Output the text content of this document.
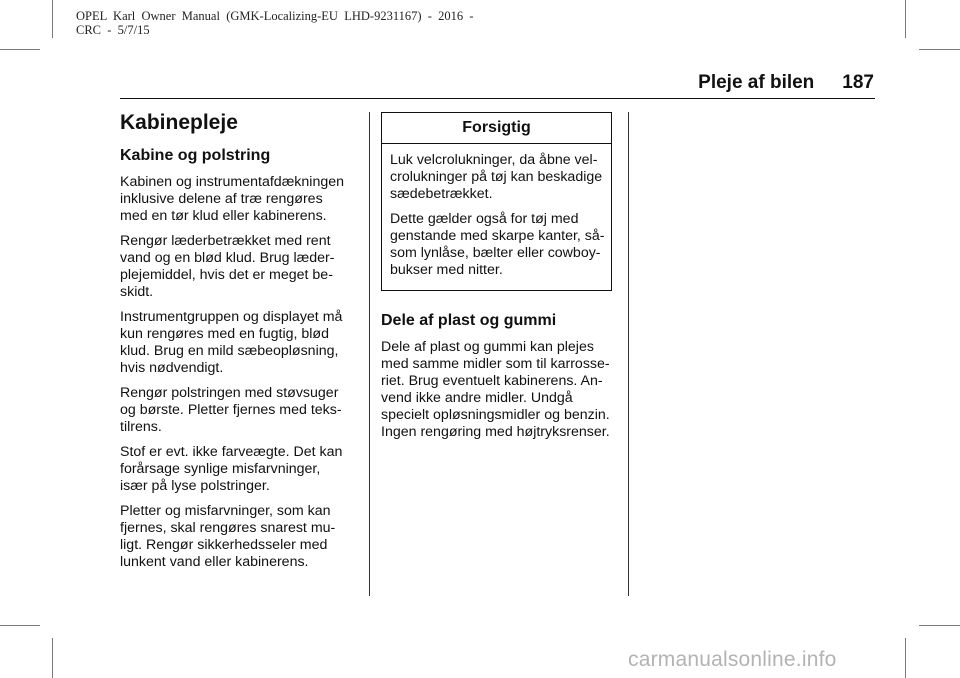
OPEL  Karl  Owner  Manual  (GMK-Localizing-EU  LHD-9231167)  -  2016  -
CRC  -  5/7/15
Pleje af bilen 187
Kabinepleje
Kabine og polstring

Kabinen og instrumentafdækningen
inklusive delene af træ rengøres
med en tør klud eller kabinerens.

Rengør læderbetrækket med rent
vand og en blød klud. Brug læder-
plejemiddel, hvis det er meget be-
skidt.

Instrumentgruppen og displayet må
kun rengøres med en fugtig, blød
klud. Brug en mild sæbeopløsning,
hvis nødvendigt.

Rengør polstringen med støvsuger
og børste. Pletter fjernes med teks-
tilrens.

Stof er evt. ikke farveægte. Det kan
forårsage synlige misfarvninger,
især på lyse polstringer.

Pletter og misfarvninger, som kan
fjernes, skal rengøres snarest mu-
ligt. Rengør sikkerhedsseler med
lunkent vand eller kabinerens.

Forsigtig

Luk velcrolukninger, da åbne vel-
crolukninger på tøj kan beskadige
sædebetrækket.

Dette gælder også for tøj med
genstande med skarpe kanter, så-
som lynlåse, bælter eller cowboy-
bukser med nitter.

Dele af plast og gummi

Dele af plast og gummi kan plejes
med samme midler som til karrosse-
riet. Brug eventuelt kabinerens. An-
vend ikke andre midler. Undgå
specielt opløsningsmidler og benzin.
Ingen rengøring med højtryksrenser.

carmanualsonline.info
